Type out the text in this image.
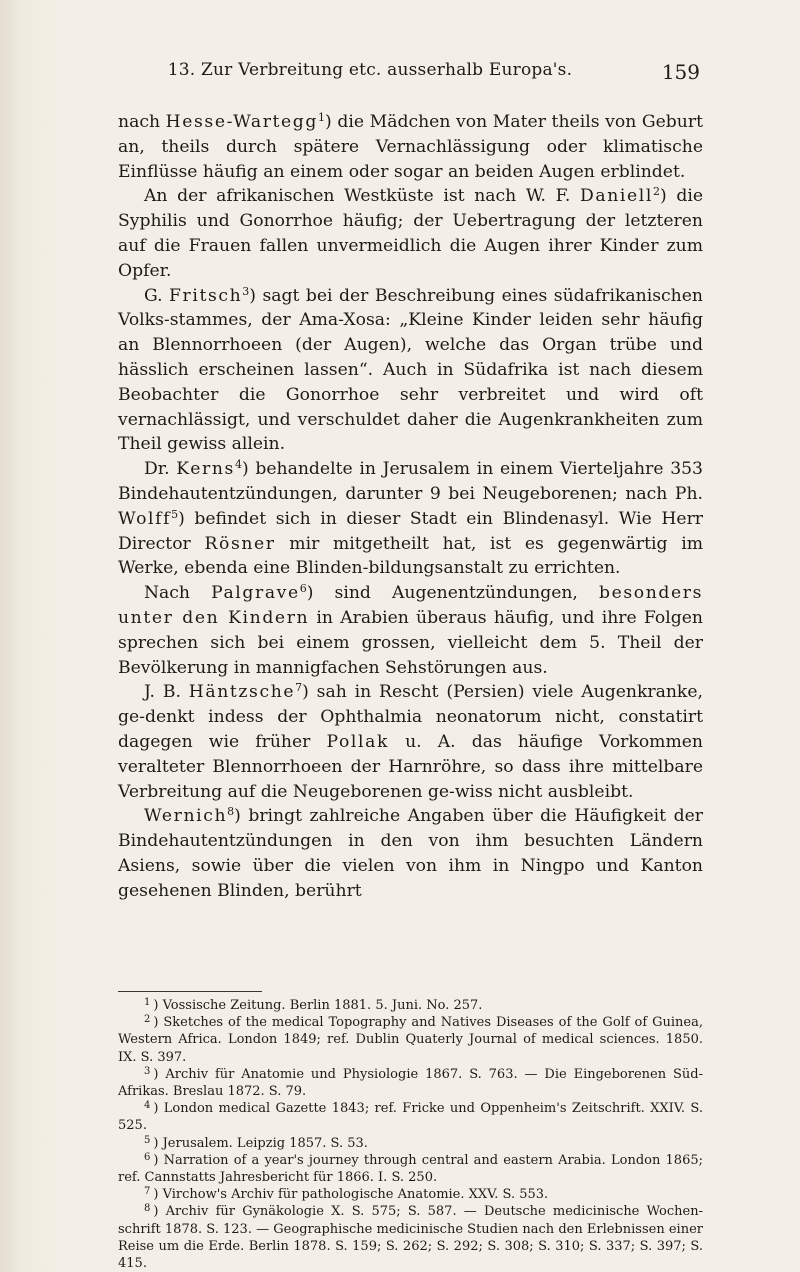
13. Zur Verbreitung etc. ausserhalb Europa's.	159

nach Hesse-Wartegg$^1$) die Mädchen von Mater theils von Geburt an, theils durch spätere Vernachlässigung oder klimatische Einflüsse häufig an einem oder sogar an beiden Augen erblindet.

An der afrikanischen Westküste ist nach W. F. Daniell$^2$) die Syphilis und Gonorrhoe häufig; der Uebertragung der letzteren auf die Frauen fallen unvermeidlich die Augen ihrer Kinder zum Opfer.

G. Fritsch$^3$) sagt bei der Beschreibung eines südafrikanischen Volks-stammes, der Ama-Xosa: „Kleine Kinder leiden sehr häufig an Blennorrhoeen (der Augen), welche das Organ trübe und hässlich erscheinen lassen“. Auch in Südafrika ist nach diesem Beobachter die Gonorrhoe sehr verbreitet und wird oft vernachlässigt, und verschuldet daher die Augenkrankheiten zum Theil gewiss allein.

Dr. Kerns$^4$) behandelte in Jerusalem in einem Vierteljahre 353 Bindehautentzündungen, darunter 9 bei Neugeborenen; nach Ph. Wolff$^5$) befindet sich in dieser Stadt ein Blindenasyl. Wie Herr Director Rösner mir mitgetheilt hat, ist es gegenwärtig im Werke, ebenda eine Blinden-bildungsanstalt zu errichten.

Nach Palgrave$^6$) sind Augenentzündungen, besonders unter den Kindern in Arabien überaus häufig, und ihre Folgen sprechen sich bei einem grossen, vielleicht dem 5. Theil der Bevölkerung in mannigfachen Sehstörungen aus.

J. B. Häntzsche$^7$) sah in Rescht (Persien) viele Augenkranke, ge-denkt indess der Ophthalmia neonatorum nicht, constatirt dagegen wie früher Pollak u. A. das häufige Vorkommen veralteter Blennorrhoeen der Harnröhre, so dass ihre mittelbare Verbreitung auf die Neugeborenen ge-wiss nicht ausbleibt.

Wernich$^8$) bringt zahlreiche Angaben über die Häufigkeit der Bindehautentzündungen in den von ihm besuchten Ländern Asiens, sowie über die vielen von ihm in Ningpo und Kanton gesehenen Blinden, berührt

$^1$ ) Vossische Zeitung. Berlin 1881. 5. Juni. No. 257.

$^2$ ) Sketches of the medical Topography and Natives Diseases of the Golf of Guinea, Western Africa. London 1849; ref. Dublin Quaterly Journal of medical sciences. 1850. IX. S. 397.

$^3$ ) Archiv für Anatomie und Physiologie 1867. S. 763. — Die Eingeborenen Süd-Afrikas. Breslau 1872. S. 79.

$^4$ ) London medical Gazette 1843; ref. Fricke und Oppenheim's Zeitschrift. XXIV. S. 525.

$^5$ ) Jerusalem. Leipzig 1857. S. 53.

$^6$ ) Narration of a year's journey through central and eastern Arabia. London 1865; ref. Cannstatts Jahresbericht für 1866. I. S. 250.

$^7$ ) Virchow's Archiv für pathologische Anatomie. XXV. S. 553.

$^8$ ) Archiv für Gynäkologie X. S. 575; S. 587. — Deutsche medicinische Wochen-schrift 1878. S. 123. — Geographische medicinische Studien nach den Erlebnissen einer Reise um die Erde. Berlin 1878. S. 159; S. 262; S. 292; S. 308; S. 310; S. 337; S. 397; S. 415.
